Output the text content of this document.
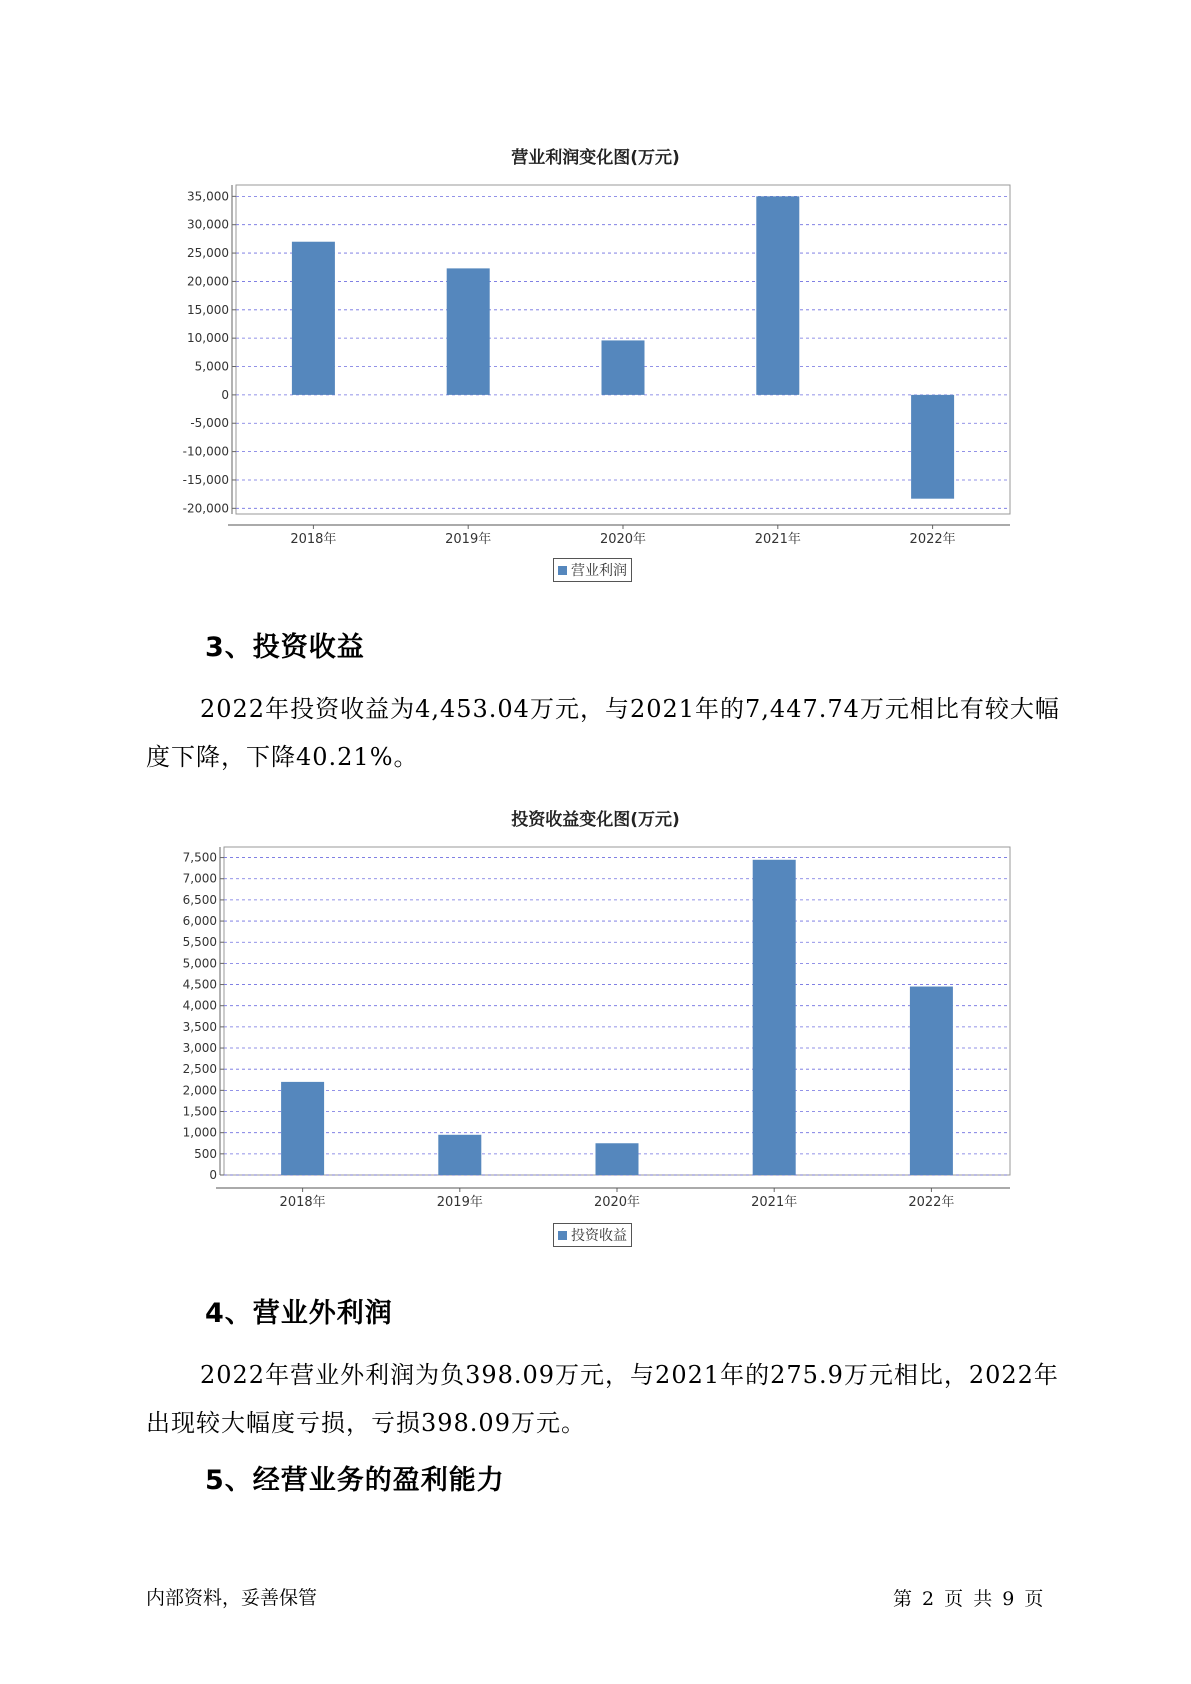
营业利润变化图(万元)
35,000
30,000
25,000
20,000
15,000
10,000
5,000
0
-5,000
-10,000
-15,000
-20,000
2018年	2019年	2020年	2021年	2022年
营业利润
3、投资收益
2022年投资收益为4,453.04万元，与2021年的7,447.74万元相比有较大幅度下降，下降40.21%。
投资收益变化图(万元)
7,500
7,000
6,500
6,000
5,500
5,000
4,500
4,000
3,500
3,000
2,500
2,000
1,500
1,000
500
0
2018年	2019年	2020年	2021年	2022年
投资收益
4、营业外利润
2022年营业外利润为负398.09万元，与2021年的275.9万元相比，2022年出现较大幅度亏损，亏损398.09万元。
5、经营业务的盈利能力
内部资料，妥善保管	第 2 页 共 9 页
